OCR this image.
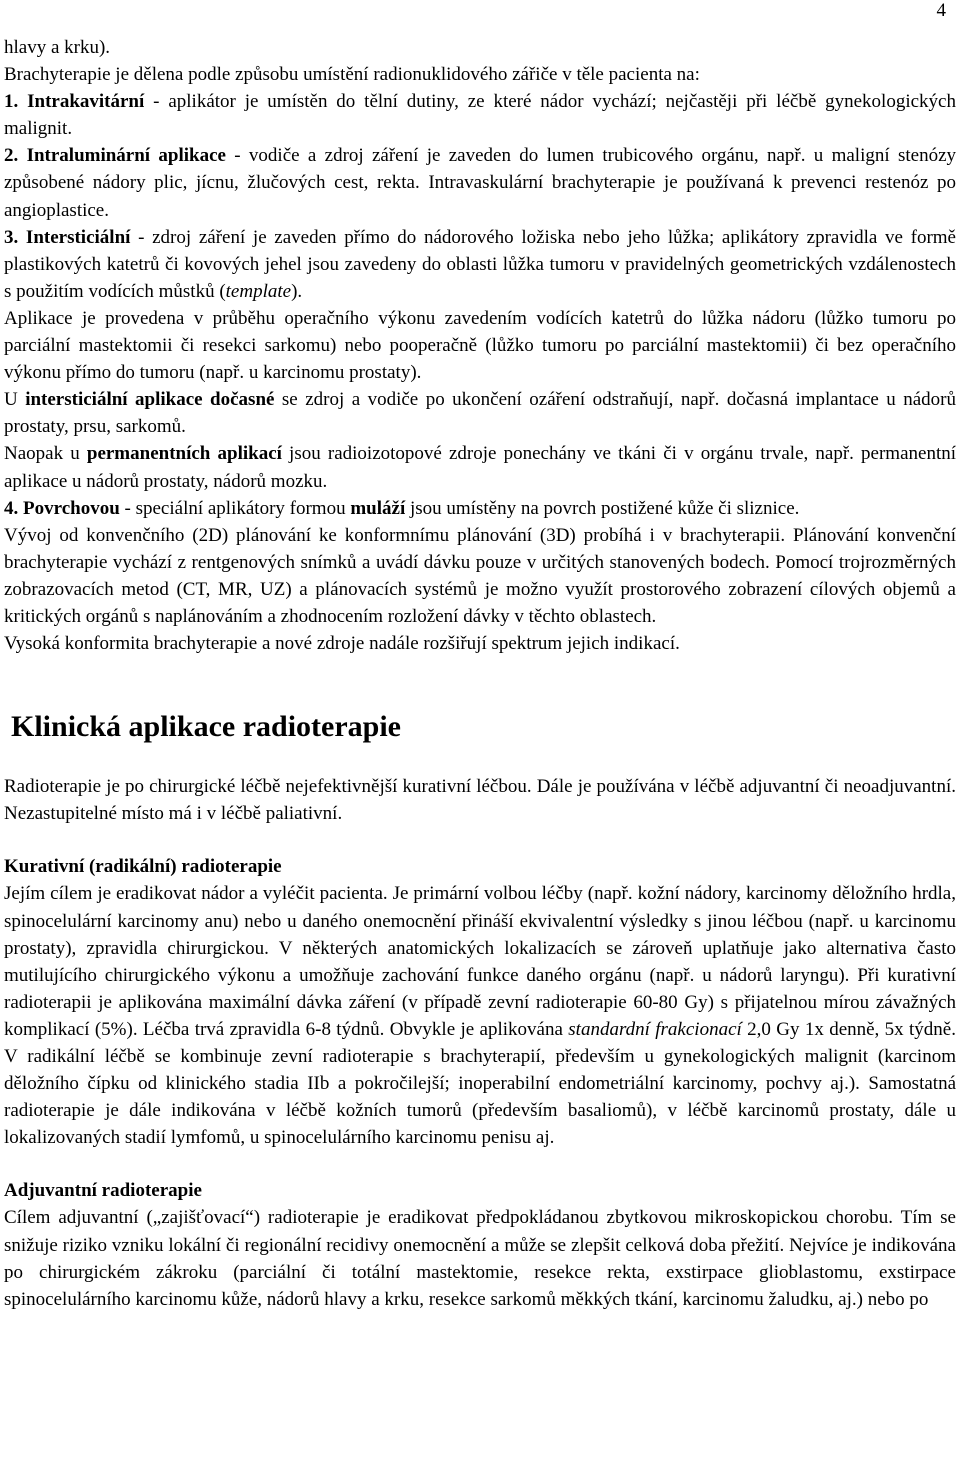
4

hlavy a krku).

Brachyterapie je dělena podle způsobu umístění radionuklidového zářiče v těle pacienta na:

1. Intrakavitární - aplikátor je umístěn do tělní dutiny, ze které nádor vychází; nejčastěji při léčbě gynekologických malignit.

2. Intraluminární aplikace - vodiče a zdroj záření je zaveden do lumen trubicového orgánu, např. u maligní stenózy způsobené nádory plic, jícnu, žlučových cest, rekta. Intravaskulární brachyterapie je používaná k prevenci restenóz po angioplastice.

3. Intersticiální - zdroj záření je zaveden přímo do nádorového ložiska nebo jeho lůžka; aplikátory zpravidla ve formě plastikových katetrů či kovových jehel jsou zavedeny do oblasti lůžka tumoru v pravidelných geometrických vzdálenostech s použitím vodících můstků (template).

Aplikace je provedena v průběhu operačního výkonu zavedením vodících katetrů do lůžka nádoru (lůžko tumoru po parciální mastektomii či resekci sarkomu) nebo pooperačně (lůžko tumoru po parciální mastektomii) či bez operačního výkonu přímo do tumoru (např. u karcinomu prostaty).

U intersticiální aplikace dočasné se zdroj a vodiče po ukončení ozáření odstraňují, např. dočasná implantace u nádorů prostaty, prsu, sarkomů.

Naopak u permanentních aplikací jsou radioizotopové zdroje ponechány ve tkáni či v orgánu trvale, např. permanentní aplikace u nádorů prostaty, nádorů mozku.

4. Povrchovou - speciální aplikátory formou muláží jsou umístěny na povrch postižené kůže či sliznice.

Vývoj od konvenčního (2D) plánování ke konformnímu plánování (3D) probíhá i v brachyterapii. Plánování konvenční brachyterapie vychází z rentgenových snímků a uvádí dávku pouze v určitých stanovených bodech. Pomocí trojrozměrných zobrazovacích metod (CT, MR, UZ) a plánovacích systémů je možno využít prostorového zobrazení cílových objemů a kritických orgánů s naplánováním a zhodnocením rozložení dávky v těchto oblastech.

Vysoká konformita brachyterapie a nové zdroje nadále rozšiřují spektrum jejich indikací.

Klinická aplikace radioterapie

Radioterapie je po chirurgické léčbě nejefektivnější kurativní léčbou. Dále je používána v léčbě adjuvantní či neoadjuvantní. Nezastupitelné místo má i v léčbě paliativní.

Kurativní (radikální) radioterapie

Jejím cílem je eradikovat nádor a vyléčit pacienta. Je primární volbou léčby (např. kožní nádory, karcinomy děložního hrdla, spinocelulární karcinomy anu) nebo u daného onemocnění přináší ekvivalentní výsledky s jinou léčbou (např. u karcinomu prostaty), zpravidla chirurgickou. V některých anatomických lokalizacích se zároveň uplatňuje jako alternativa často mutilujícího chirurgického výkonu a umožňuje zachování funkce daného orgánu (např. u nádorů laryngu). Při kurativní radioterapii je aplikována maximální dávka záření (v případě zevní radioterapie 60-80 Gy) s přijatelnou mírou závažných komplikací (5%). Léčba trvá zpravidla 6-8 týdnů. Obvykle je aplikována standardní frakcionací 2,0 Gy 1x denně, 5x týdně. V radikální léčbě se kombinuje zevní radioterapie s brachyterapií, především u gynekologických malignit (karcinom děložního čípku od klinického stadia IIb a pokročilejší; inoperabilní endometriální karcinomy, pochvy aj.). Samostatná radioterapie je dále indikována v léčbě kožních tumorů (především basaliomů), v léčbě karcinomů prostaty, dále u lokalizovaných stadií lymfomů, u spinocelulárního karcinomu penisu aj.

Adjuvantní radioterapie

Cílem adjuvantní („zajišťovací“) radioterapie je eradikovat předpokládanou zbytkovou mikroskopickou chorobu. Tím se snižuje riziko vzniku lokální či regionální recidivy onemocnění a může se zlepšit celková doba přežití. Nejvíce je indikována po chirurgickém zákroku (parciální či totální mastektomie, resekce rekta, exstirpace glioblastomu, exstirpace spinocelulárního karcinomu kůže, nádorů hlavy a krku, resekce sarkomů měkkých tkání, karcinomu žaludku, aj.) nebo po
